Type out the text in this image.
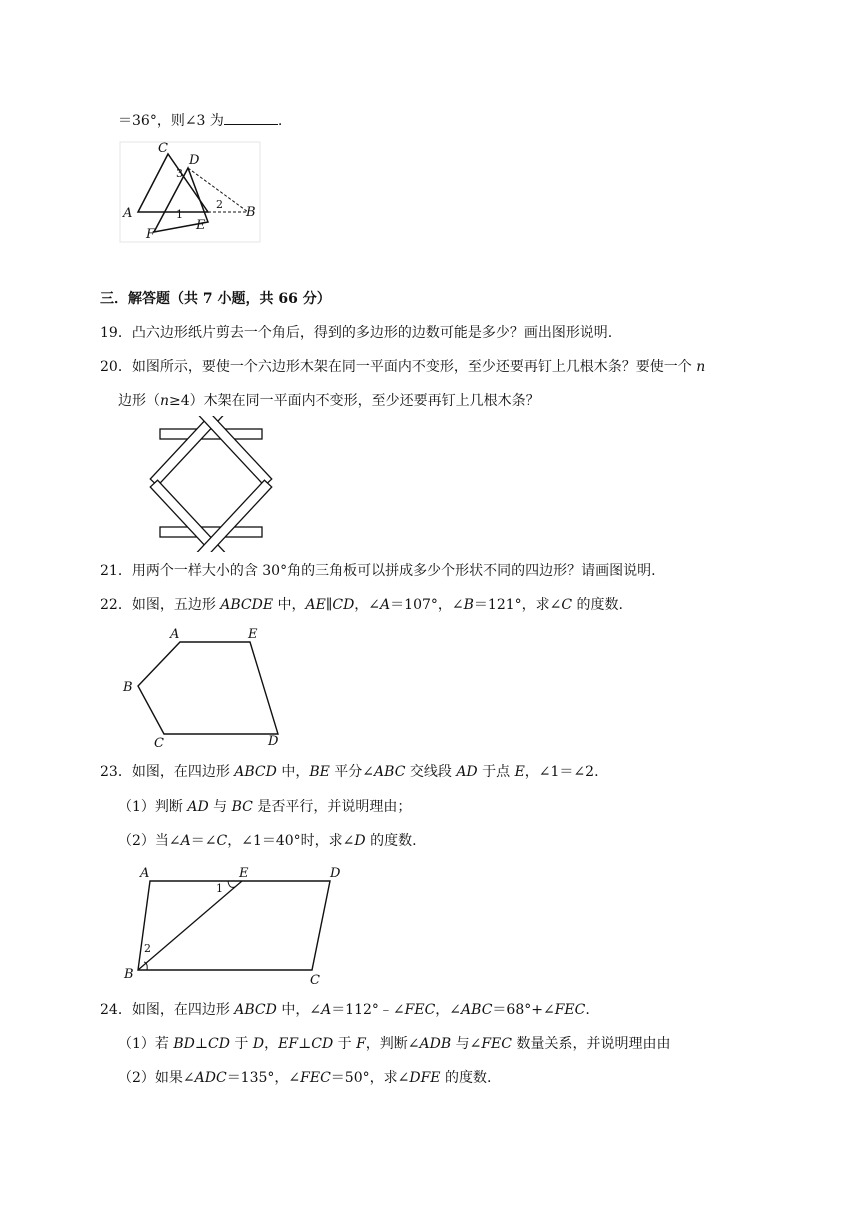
＝36°，则∠3 为	.
C
D
3
A	1
2
B
F
E
三．解答题（共 7 小题，共 66 分）
19．凸六边形纸片剪去一个角后，得到的多边形的边数可能是多少？画出图形说明.
20．如图所示，要使一个六边形木架在同一平面内不变形，至少还要再钉上几根木条？要使一个 n
边形（n≥4）木架在同一平面内不变形，至少还要再钉上几根木条？
21．用两个一样大小的含 30°角的三角板可以拼成多少个形状不同的四边形？请画图说明.
22．如图，五边形 ABCDE 中，AE∥CD，∠A＝107°，∠B＝121°，求∠C 的度数.
A	E
B
C	D
23．如图，在四边形 ABCD 中，BE 平分∠ABC 交线段 AD 于点 E，∠1＝∠2.
（1）判断 AD 与 BC 是否平行，并说明理由；
（2）当∠A＝∠C，∠1＝40°时，求∠D 的度数.
A	E	D
1
2
B	C
24．如图，在四边形 ABCD 中，∠A＝112°﹣∠FEC，∠ABC＝68°+∠FEC.
（1）若 BD⊥CD 于 D，EF⊥CD 于 F，判断∠ADB 与∠FEC 数量关系，并说明理由由
（2）如果∠ADC＝135°，∠FEC＝50°，求∠DFE 的度数.
